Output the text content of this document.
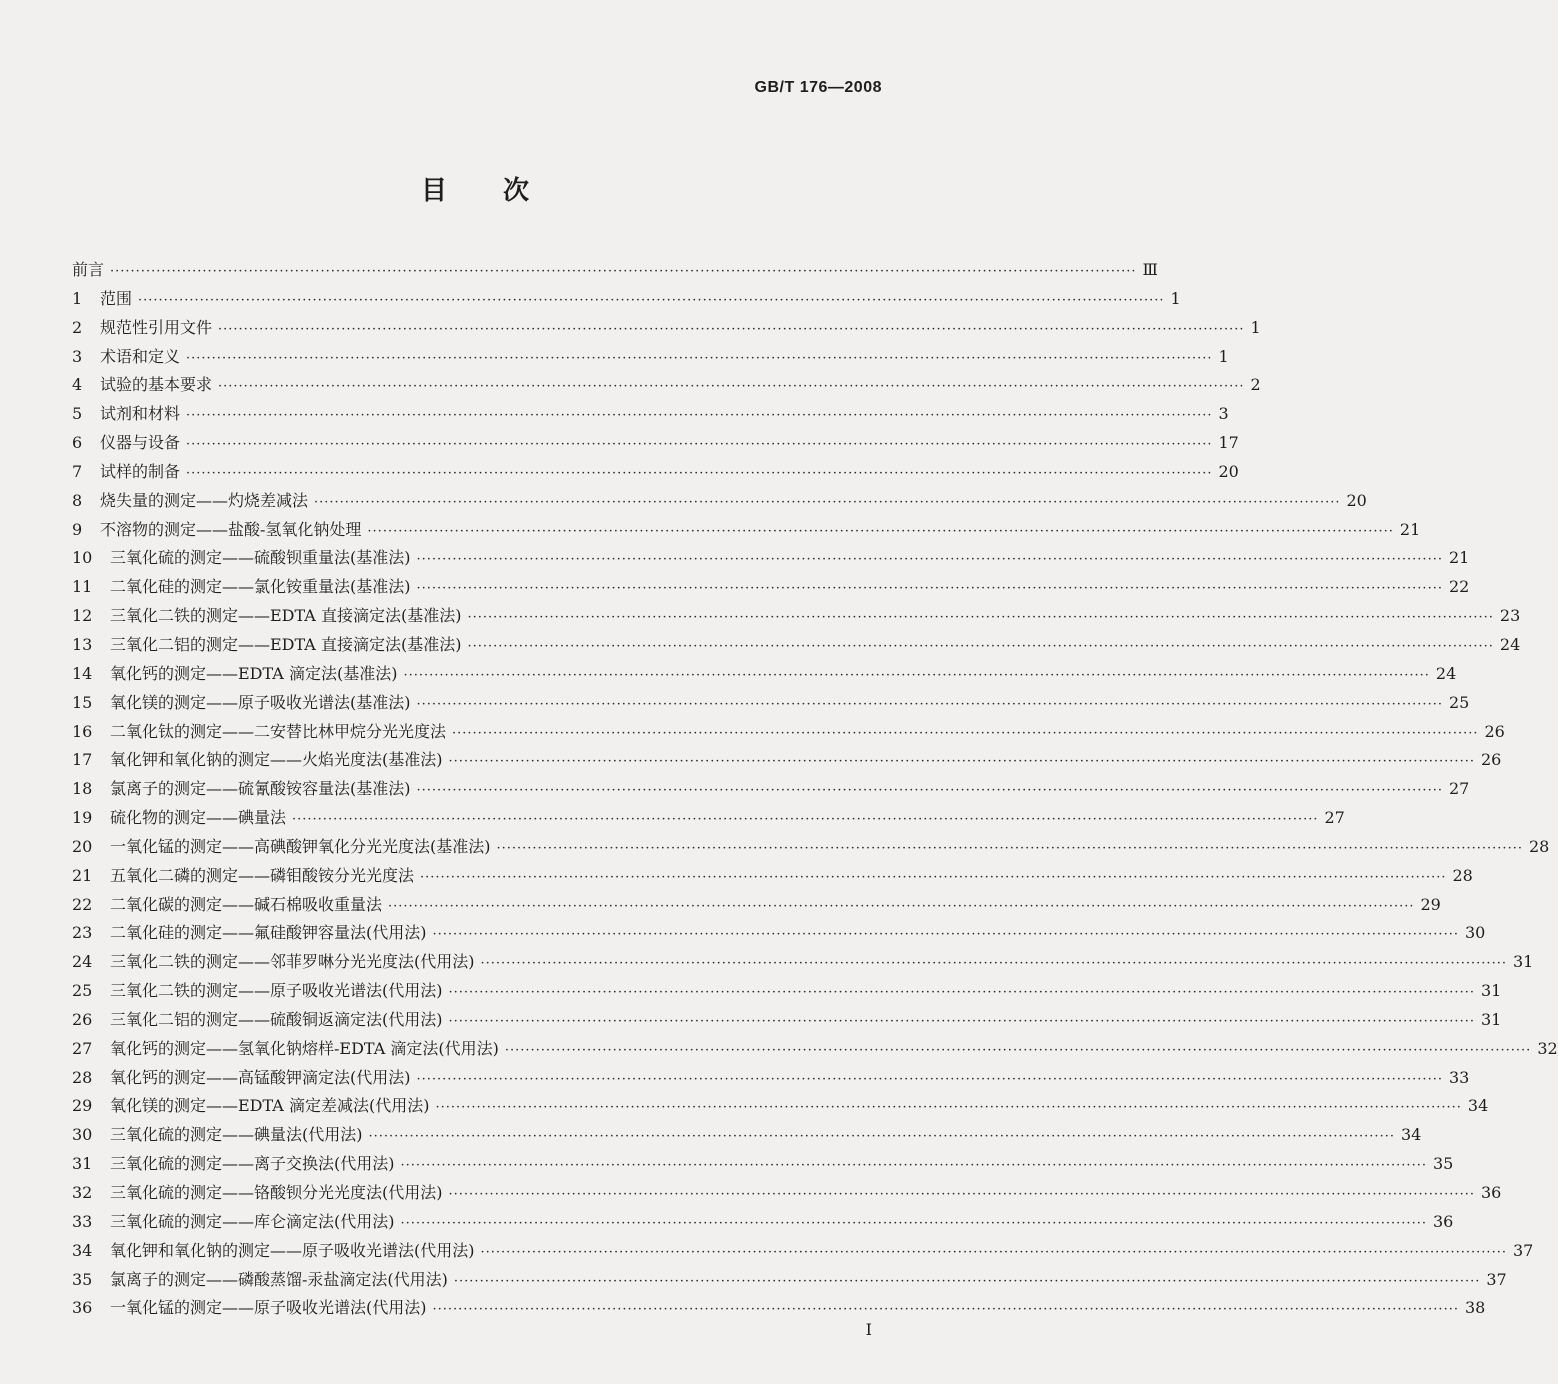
GB/T 176—2008
目次
前言 ········································································································································································································ Ⅲ
1	范围 ········································································································································································································ 1
2	规范性引用文件 ········································································································································································································ 1
3	术语和定义 ········································································································································································································ 1
4	试验的基本要求 ········································································································································································································ 2
5	试剂和材料 ········································································································································································································ 3
6	仪器与设备 ········································································································································································································ 17
7	试样的制备 ········································································································································································································ 20
8	烧失量的测定——灼烧差减法 ········································································································································································································ 20
9	不溶物的测定——盐酸-氢氧化钠处理 ········································································································································································································ 21
10	三氧化硫的测定——硫酸钡重量法(基准法) ········································································································································································································ 21
11	二氧化硅的测定——氯化铵重量法(基准法) ········································································································································································································ 22
12	三氧化二铁的测定——EDTA 直接滴定法(基准法) ········································································································································································································ 23
13	三氧化二铝的测定——EDTA 直接滴定法(基准法) ········································································································································································································ 24
14	氧化钙的测定——EDTA 滴定法(基准法) ········································································································································································································ 24
15	氧化镁的测定——原子吸收光谱法(基准法) ········································································································································································································ 25
16	二氧化钛的测定——二安替比林甲烷分光光度法 ········································································································································································································ 26
17	氧化钾和氧化钠的测定——火焰光度法(基准法) ········································································································································································································ 26
18	氯离子的测定——硫氰酸铵容量法(基准法) ········································································································································································································ 27
19	硫化物的测定——碘量法 ········································································································································································································ 27
20	一氧化锰的测定——高碘酸钾氧化分光光度法(基准法) ········································································································································································································ 28
21	五氧化二磷的测定——磷钼酸铵分光光度法 ········································································································································································································ 28
22	二氧化碳的测定——碱石棉吸收重量法 ········································································································································································································ 29
23	二氧化硅的测定——氟硅酸钾容量法(代用法) ········································································································································································································ 30
24	三氧化二铁的测定——邻菲罗啉分光光度法(代用法) ········································································································································································································ 31
25	三氧化二铁的测定——原子吸收光谱法(代用法) ········································································································································································································ 31
26	三氧化二铝的测定——硫酸铜返滴定法(代用法) ········································································································································································································ 31
27	氧化钙的测定——氢氧化钠熔样-EDTA 滴定法(代用法) ········································································································································································································ 32
28	氧化钙的测定——高锰酸钾滴定法(代用法) ········································································································································································································ 33
29	氧化镁的测定——EDTA 滴定差减法(代用法) ········································································································································································································ 34
30	三氧化硫的测定——碘量法(代用法) ········································································································································································································ 34
31	三氧化硫的测定——离子交换法(代用法) ········································································································································································································ 35
32	三氧化硫的测定——铬酸钡分光光度法(代用法) ········································································································································································································ 36
33	三氧化硫的测定——库仑滴定法(代用法) ········································································································································································································ 36
34	氧化钾和氧化钠的测定——原子吸收光谱法(代用法) ········································································································································································································ 37
35	氯离子的测定——磷酸蒸馏-汞盐滴定法(代用法) ········································································································································································································ 37
36	一氧化锰的测定——原子吸收光谱法(代用法) ········································································································································································································ 38
I
